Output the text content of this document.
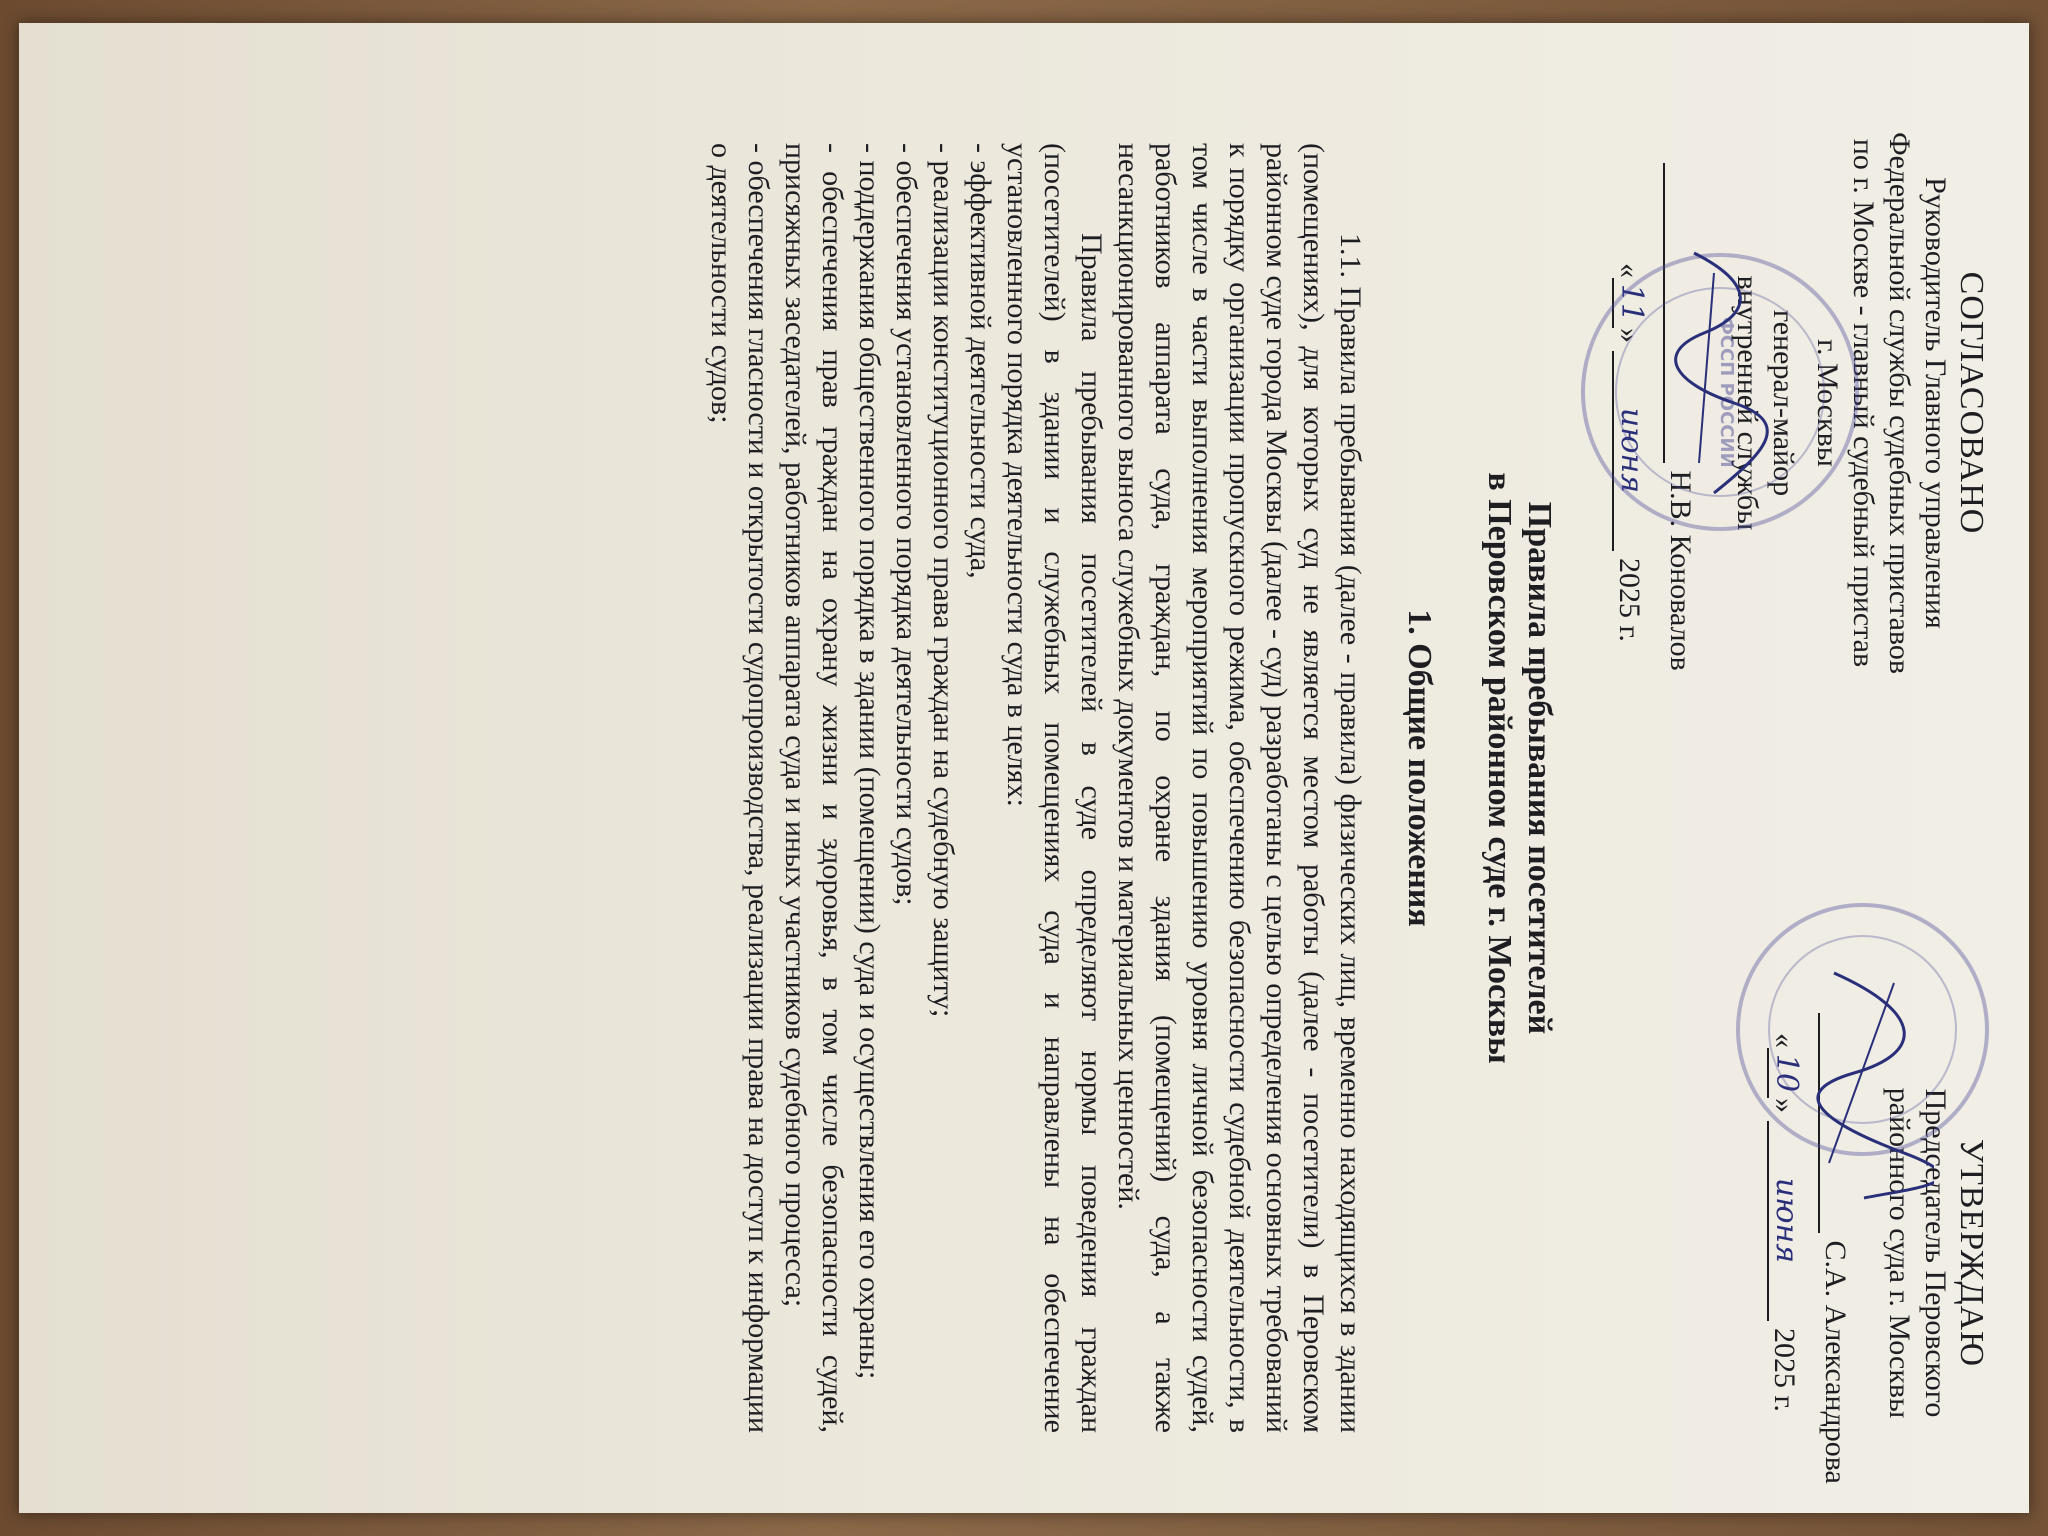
СОГЛАСОВАНО
Руководитель Главного управления
Федеральной службы судебных приставов
по г. Москве - главный судебный пристав
г. Москвы
генерал-майор
внутренней службы
Н.В. Коновалов
«11» июня 2025 г.
ФССП РОССИИ
УТВЕРЖДАЮ
Председатель Перовского
районного суда г. Москвы
С.А. Александрова
«10» июня 2025 г.
Правила пребывания посетителей
в Перовском районном суде г. Москвы
1. Общие положения

1.1. Правила пребывания (далее - правила) физических лиц, временно находящихся в здании (помещениях), для которых суд не является местом работы (далее - посетители) в Перовском районном суде города Москвы (далее - суд) разработаны с целью определения основных требований к порядку организации пропускного режима, обеспечению безопасности судебной деятельности, в том числе в части выполнения мероприятий по повышению уровня личной безопасности судей, работников аппарата суда, граждан, по охране здания (помещений) суда, а также несанкционированного выноса служебных документов и материальных ценностей.

Правила пребывания посетителей в суде определяют нормы поведения граждан (посетителей) в здании и служебных помещениях суда и направлены на обеспечение установленного порядка деятельности суда в целях:

- эффективной деятельности суда,

- реализации конституционного права граждан на судебную защиту;

- обеспечения установленного порядка деятельности судов;

- поддержания общественного порядка в здании (помещении) суда и осуществления его охраны;

- обеспечения прав граждан на охрану жизни и здоровья, в том числе безопасности судей, присяжных заседателей, работников аппарата суда и иных участников судебного процесса;

- обеспечения гласности и открытости судопроизводства, реализации права на доступ к информации о деятельности судов;
